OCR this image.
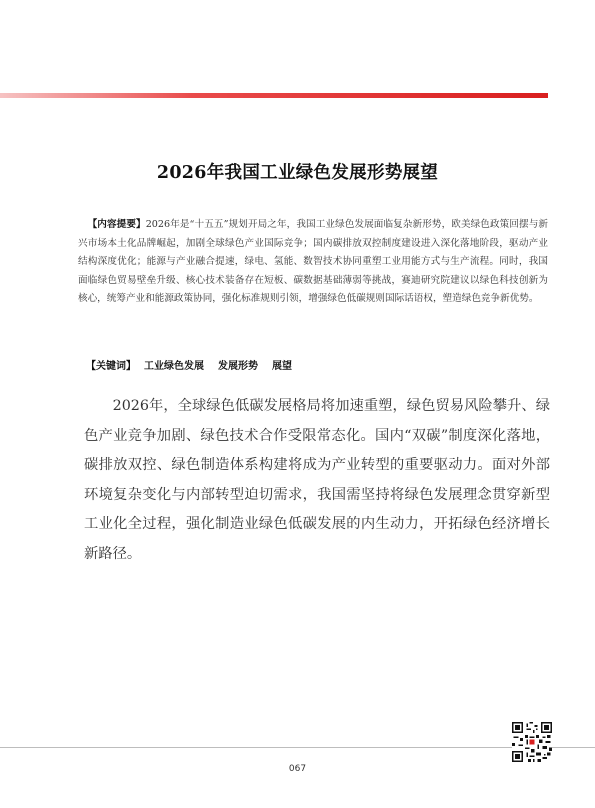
2026年我国工业绿色发展形势展望
【内容提要】2026年是“十五五”规划开局之年，我国工业绿色发展面临复杂新形势，欧美绿色政策回摆与新兴市场本土化品牌崛起，加剧全球绿色产业国际竞争；国内碳排放双控制度建设进入深化落地阶段，驱动产业结构深度优化；能源与产业融合提速，绿电、氢能、数智技术协同重塑工业用能方式与生产流程。同时，我国面临绿色贸易壁垒升级、核心技术装备存在短板、碳数据基础薄弱等挑战，赛迪研究院建议以绿色科技创新为核心，统筹产业和能源政策协同，强化标准规则引领，增强绿色低碳规则国际话语权，塑造绿色竞争新优势。
【关键词】 工业绿色发展 发展形势 展望
2026年，全球绿色低碳发展格局将加速重塑，绿色贸易风险攀升、绿色产业竞争加剧、绿色技术合作受限常态化。国内“双碳”制度深化落地，碳排放双控、绿色制造体系构建将成为产业转型的重要驱动力。面对外部环境复杂变化与内部转型迫切需求，我国需坚持将绿色发展理念贯穿新型工业化全过程，强化制造业绿色低碳发展的内生动力，开拓绿色经济增长新路径。
067
